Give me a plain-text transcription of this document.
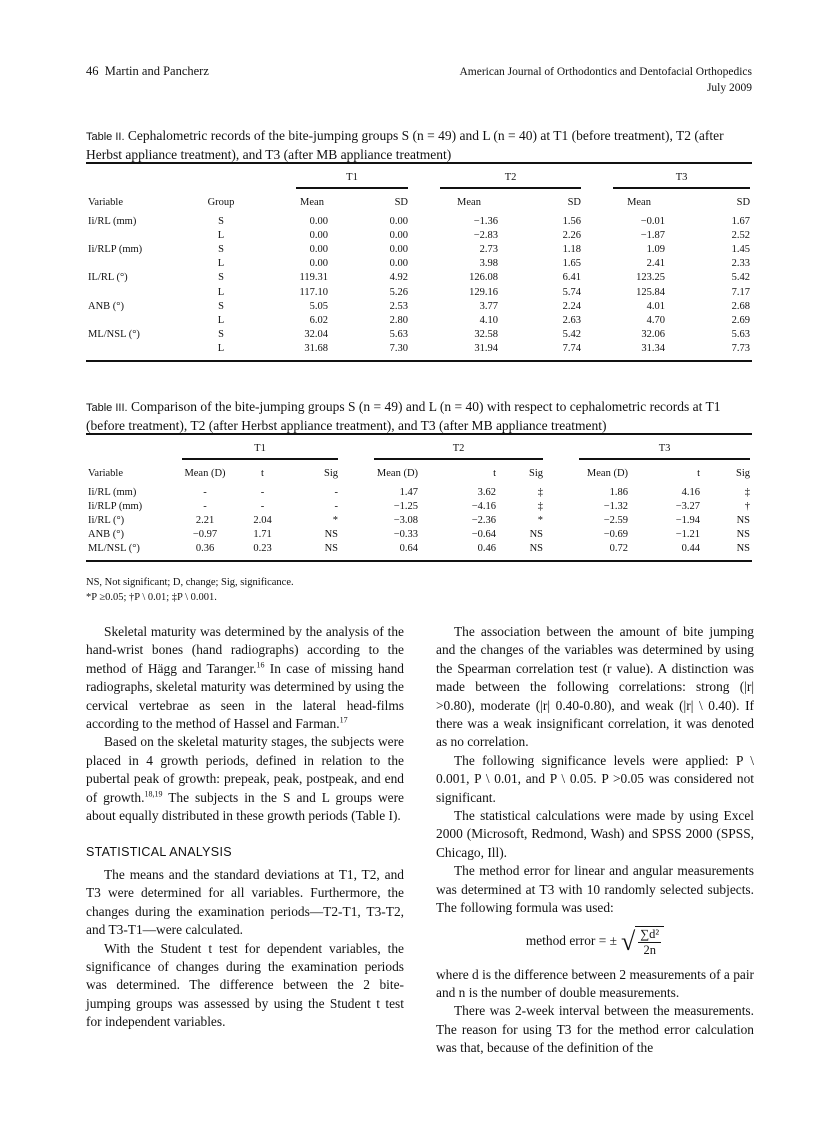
46 Martin and Pancherz	American Journal of Orthodontics and Dentofacial Orthopedics
July 2009
Table II. Cephalometric records of the bite-jumping groups S (n = 49) and L (n = 40) at T1 (before treatment), T2 (after Herbst appliance treatment), and T3 (after MB appliance treatment)

		T1		T2		T3	

Variable	Group	Mean	SD	Mean	SD	Mean	SD
Ii/RL (mm)	S	0.00	0.00	−1.36	1.56	−0.01	1.67
	L	0.00	0.00	−2.83	2.26	−1.87	2.52
Ii/RLP (mm)	S	0.00	0.00	2.73	1.18	1.09	1.45
	L	0.00	0.00	3.98	1.65	2.41	2.33
IL/RL (°)	S	119.31	4.92	126.08	6.41	123.25	5.42
	L	117.10	5.26	129.16	5.74	125.84	7.17
ANB (°)	S	5.05	2.53	3.77	2.24	4.01	2.68
	L	6.02	2.80	4.10	2.63	4.70	2.69
ML/NSL (°)	S	32.04	5.63	32.58	5.42	32.06	5.63
	L	31.68	7.30	31.94	7.74	31.34	7.73
Table III. Comparison of the bite-jumping groups S (n = 49) and L (n = 40) with respect to cephalometric records at T1 (before treatment), T2 (after Herbst appliance treatment), and T3 (after MB appliance treatment)

	T1			T2			T3		

Variable	Mean (D)	t	Sig	Mean (D)	t	Sig	Mean (D)	t	Sig
Ii/RL (mm)	-	-	-	1.47	3.62	‡	1.86	4.16	‡
Ii/RLP (mm)	-	-	-	−1.25	−4.16	‡	−1.32	−3.27	†
Ii/RL (°)	2.21	2.04	*	−3.08	−2.36	*	−2.59	−1.94	NS
ANB (°)	−0.97	1.71	NS	−0.33	−0.64	NS	−0.69	−1.21	NS
ML/NSL (°)	0.36	0.23	NS	0.64	0.46	NS	0.72	0.44	NS
NS, Not significant; D, change; Sig, significance.
*P ≥0.05; †P \ 0.01; ‡P \ 0.001.

Skeletal maturity was determined by the analysis of the hand-wrist bones (hand radiographs) according to the method of Hägg and Taranger.$^{16}$ In case of missing hand radiographs, skeletal maturity was determined by using the cervical vertebrae as seen in the lateral head-films according to the method of Hassel and Farman.$^{17}$

Based on the skeletal maturity stages, the subjects were placed in 4 growth periods, defined in relation to the pubertal peak of growth: prepeak, peak, postpeak, and end of growth.$^{18,19}$ The subjects in the S and L groups were about equally distributed in these growth periods (Table I).

STATISTICAL ANALYSIS

The means and the standard deviations at T1, T2, and T3 were determined for all variables. Furthermore, the changes during the examination periods—T2-T1, T3-T2, and T3-T1—were calculated.

With the Student t test for dependent variables, the significance of changes during the examination periods was determined. The difference between the 2 bite-jumping groups was assessed by using the Student t test for independent variables.

The association between the amount of bite jumping and the changes of the variables was determined by using the Spearman correlation test (r value). A distinction was made between the following correlations: strong (|r| >0.80), moderate (|r| 0.40-0.80), and weak (|r| \ 0.40). If there was a weak insignificant correlation, it was denoted as no correlation.

The following significance levels were applied: P \ 0.001, P \ 0.01, and P \ 0.05. P >0.05 was considered not significant.

The statistical calculations were made by using Excel 2000 (Microsoft, Redmond, Wash) and SPSS 2000 (SPSS, Chicago, Ill).

The method error for linear and angular measurements was determined at T3 with 10 randomly selected subjects. The following formula was used:

method error = ± √ $\frac{\text{∑d²}}{2n}$

where d is the difference between 2 measurements of a pair and n is the number of double measurements.

There was 2-week interval between the measurements. The reason for using T3 for the method error calculation was that, because of the definition of the
